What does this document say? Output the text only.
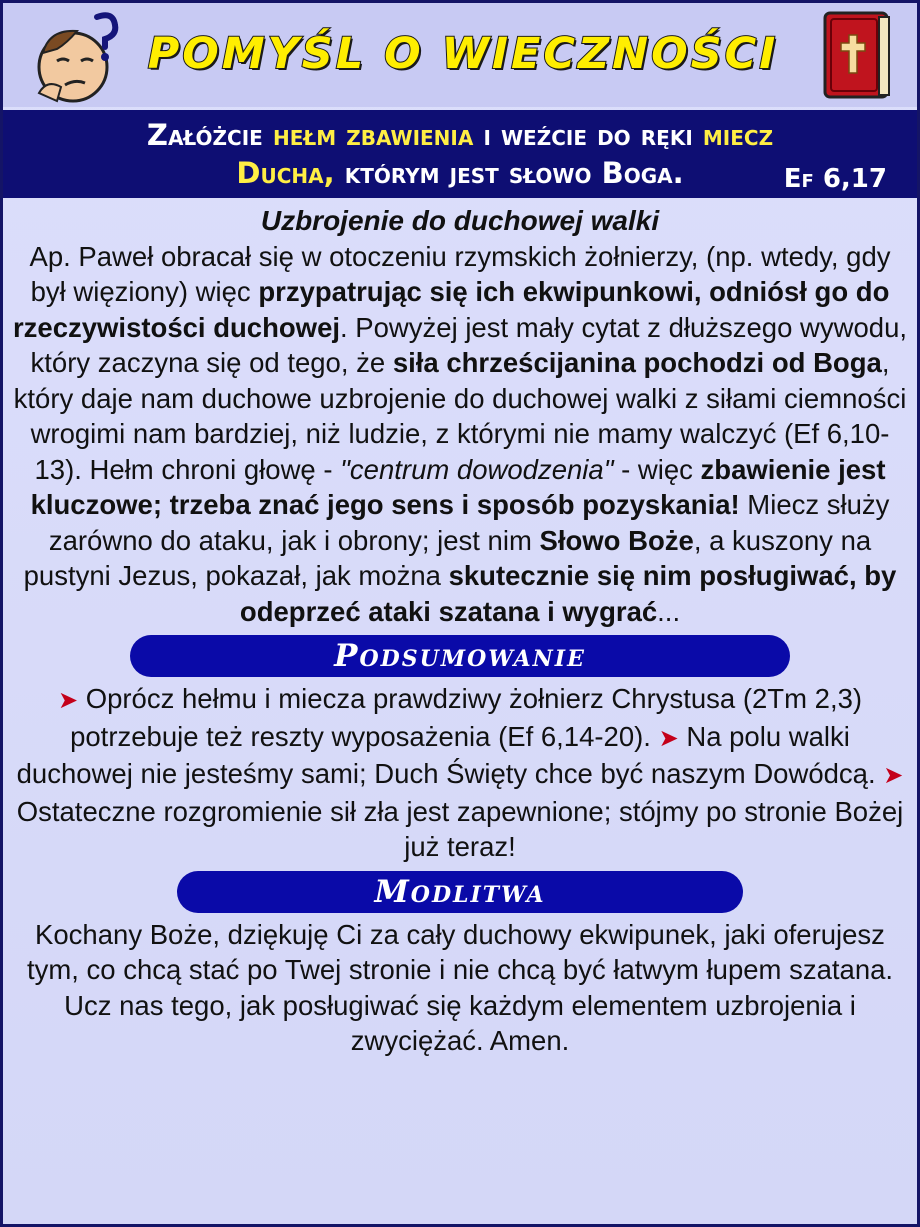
POMYŚL O WIECZNOŚCI
Załóżcie hełm zbawienia i weźcie do ręki miecz
Ducha, którym jest słowo Boga.	Ef 6,17
Uzbrojenie do duchowej walki

Ap. Paweł obracał się w otoczeniu rzymskich żołnierzy, (np. wtedy, gdy był więziony) więc przypatrując się ich ekwipunkowi, odniósł go do rzeczywistości duchowej. Powyżej jest mały cytat z dłuższego wywodu, który zaczyna się od tego, że siła chrześcijanina pochodzi od Boga, który daje nam duchowe uzbrojenie do duchowej walki z siłami ciemności wrogimi nam bardziej, niż ludzie, z którymi nie mamy walczyć (Ef 6,10-13). Hełm chroni głowę - "centrum dowodzenia" - więc zbawienie jest kluczowe; trzeba znać jego sens i sposób pozyskania! Miecz służy zarówno do ataku, jak i obrony; jest nim Słowo Boże, a kuszony na pustyni Jezus, pokazał, jak można skutecznie się nim posługiwać, by odeprzeć ataki szatana i wygrać...

Podsumowanie

➤ Oprócz hełmu i miecza prawdziwy żołnierz Chrystusa (2Tm 2,3) potrzebuje też reszty wyposażenia (Ef 6,14-20). ➤ Na polu walki duchowej nie jesteśmy sami; Duch Święty chce być naszym Dowódcą. ➤ Ostateczne rozgromienie sił zła jest zapewnione; stójmy po stronie Bożej już teraz!

Modlitwa

Kochany Boże, dziękuję Ci za cały duchowy ekwipunek, jaki oferujesz tym, co chcą stać po Twej stronie i nie chcą być łatwym łupem szatana. Ucz nas tego, jak posługiwać się każdym elementem uzbrojenia i zwyciężać. Amen.
